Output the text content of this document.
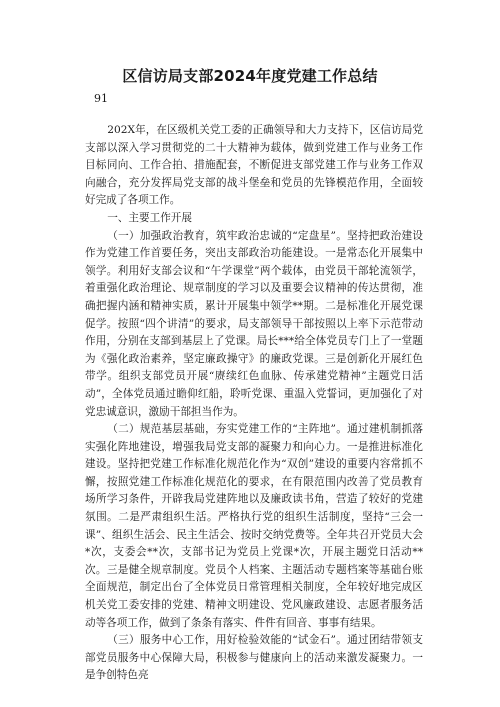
区信访局支部2024年度党建工作总结
91

202X年，在区级机关党工委的正确领导和大力支持下，区信访局党支部以深入学习贯彻党的二十大精神为载体，做到党建工作与业务工作目标同向、工作合拍、措施配套，不断促进支部党建工作与业务工作双向融合，充分发挥局党支部的战斗堡垒和党员的先锋模范作用，全面较好完成了各项工作。

一、主要工作开展

（一）加强政治教育，筑牢政治忠诚的“定盘星”。坚持把政治建设作为党建工作首要任务，突出支部政治功能建设。一是常态化开展集中领学。利用好支部会议和“午学课堂”两个载体，由党员干部轮流领学，着重强化政治理论、规章制度的学习以及重要会议精神的传达贯彻，准确把握内涵和精神实质，累计开展集中领学**期。二是标准化开展党课促学。按照“四个讲清”的要求，局支部领导干部按照以上率下示范带动作用，分别在支部到基层上了党课。局长***给全体党员专门上了一堂题为《强化政治素养，坚定廉政操守》的廉政党课。三是创新化开展红色带学。组织支部党员开展“赓续红色血脉、传承建党精神”主题党日活动”，全体党员通过瞻仰红船，聆听党课、重温入党誓词，更加强化了对党忠诚意识，激励干部担当作为。

（二）规范基层基础，夯实党建工作的“主阵地”。通过建机制抓落实强化阵地建设，增强我局党支部的凝聚力和向心力。一是推进标准化建设。坚持把党建工作标准化规范化作为“双创”建设的重要内容常抓不懈，按照党建工作标准化规范化的要求，在有限范围内改善了党员教育场所学习条件，开辟我局党建阵地以及廉政读书角，营造了较好的党建氛围。二是严肃组织生活。严格执行党的组织生活制度，坚持“三会一课”、组织生活会、民主生活会、按时交纳党费等。全年共召开党员大会*次，支委会**次，支部书记为党员上党课*次，开展主题党日活动**次。三是健全规章制度。党员个人档案、主题活动专题档案等基础台账全面规范，制定出台了全体党员日常管理相关制度，全年较好地完成区机关党工委安排的党建、精神文明建设、党风廉政建设、志愿者服务活动等各项工作，做到了条条有落实、件件有回音、事事有结果。

（三）服务中心工作，用好检验效能的“试金石”。通过团结带领支部党员服务中心保障大局，积极参与健康向上的活动来激发凝聚力。一是争创特色亮
